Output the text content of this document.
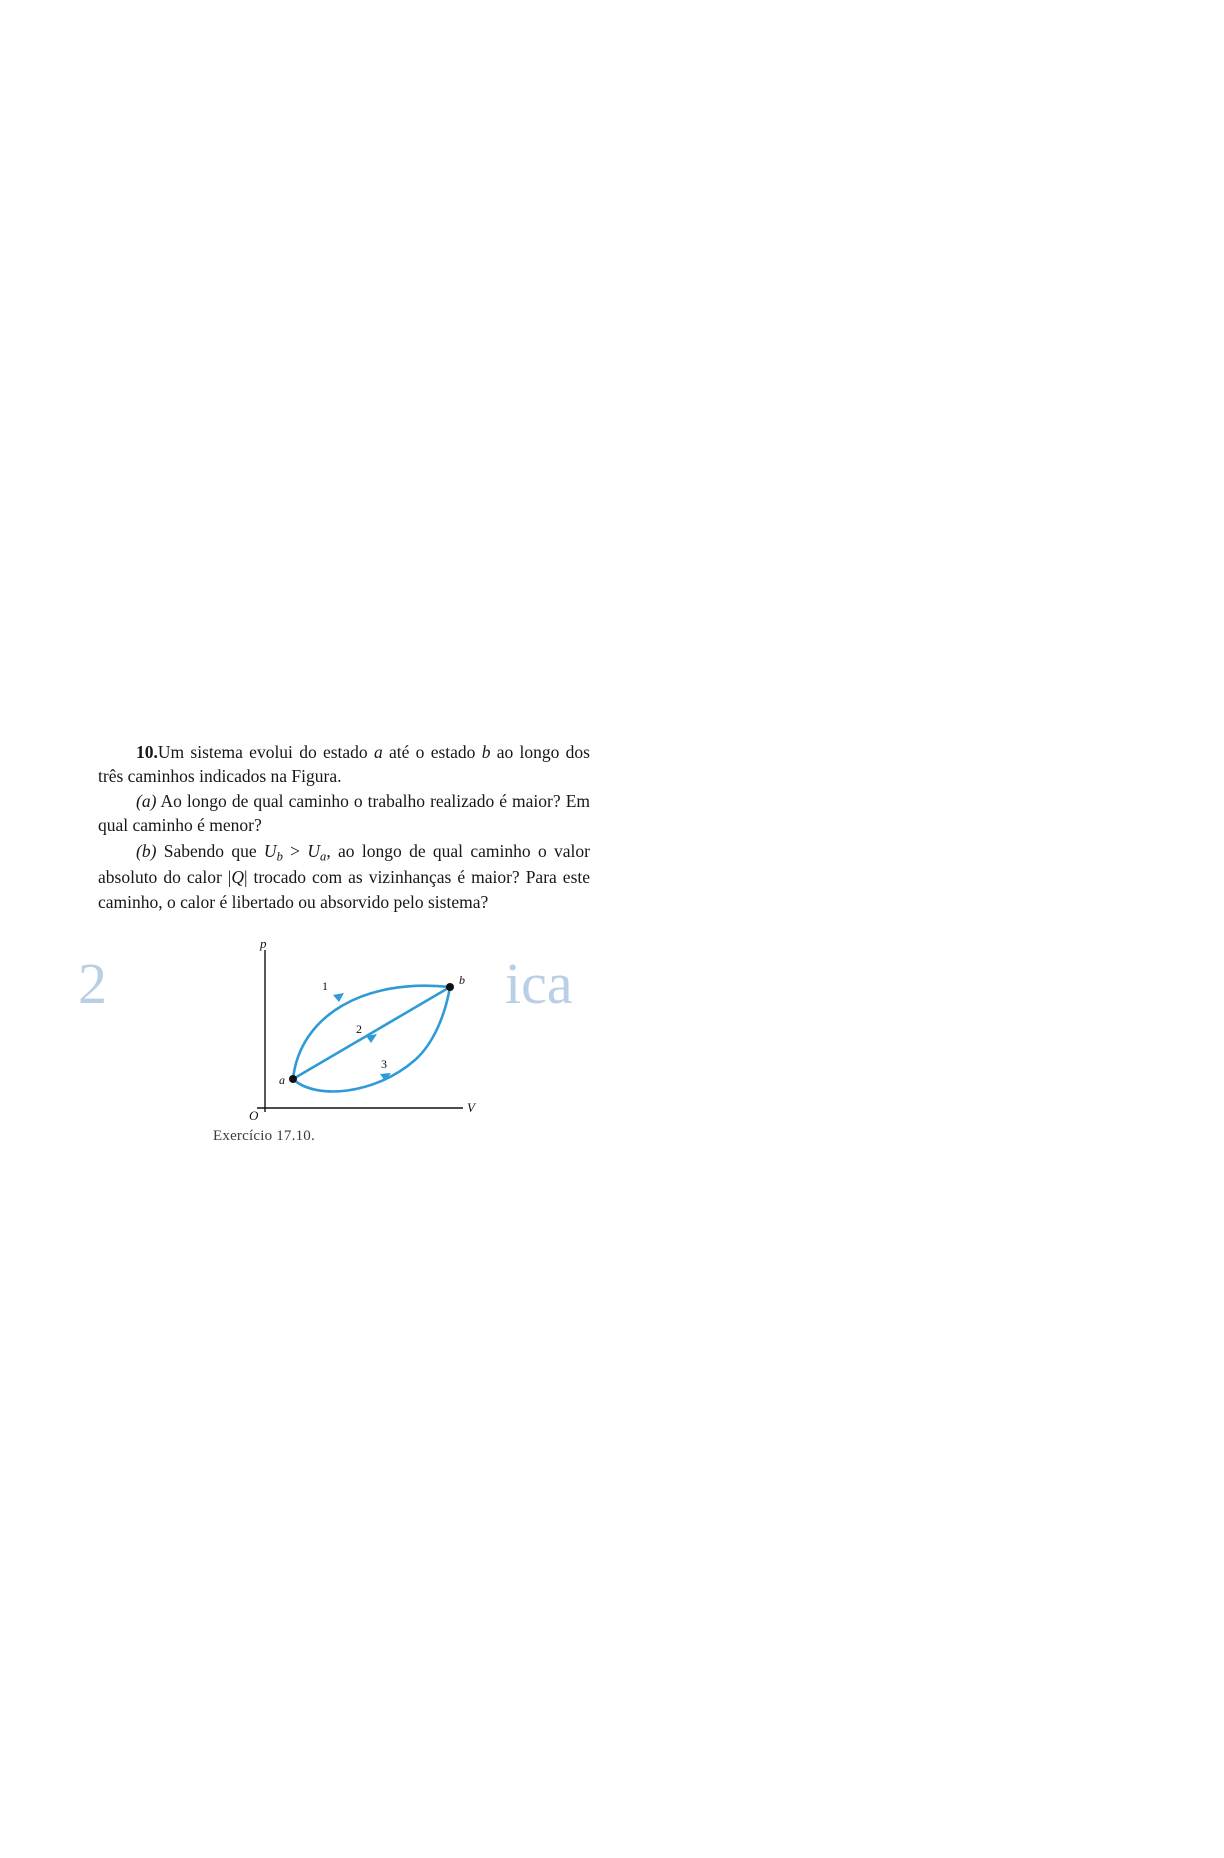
2	ica

10.Um sistema evolui do estado a até o estado b ao longo dos três caminhos indicados na Figura.

(a) Ao longo de qual caminho o trabalho realizado é maior? Em qual caminho é menor?

(b) Sabendo que $U_b > U_a$, ao longo de qual caminho o valor absoluto do calor |Q| trocado com as vizinhanças é maior? Para este caminho, o calor é libertado ou absorvido pelo sistema?

p
V
O
a
b
1
2
3
Exercício 17.10.
